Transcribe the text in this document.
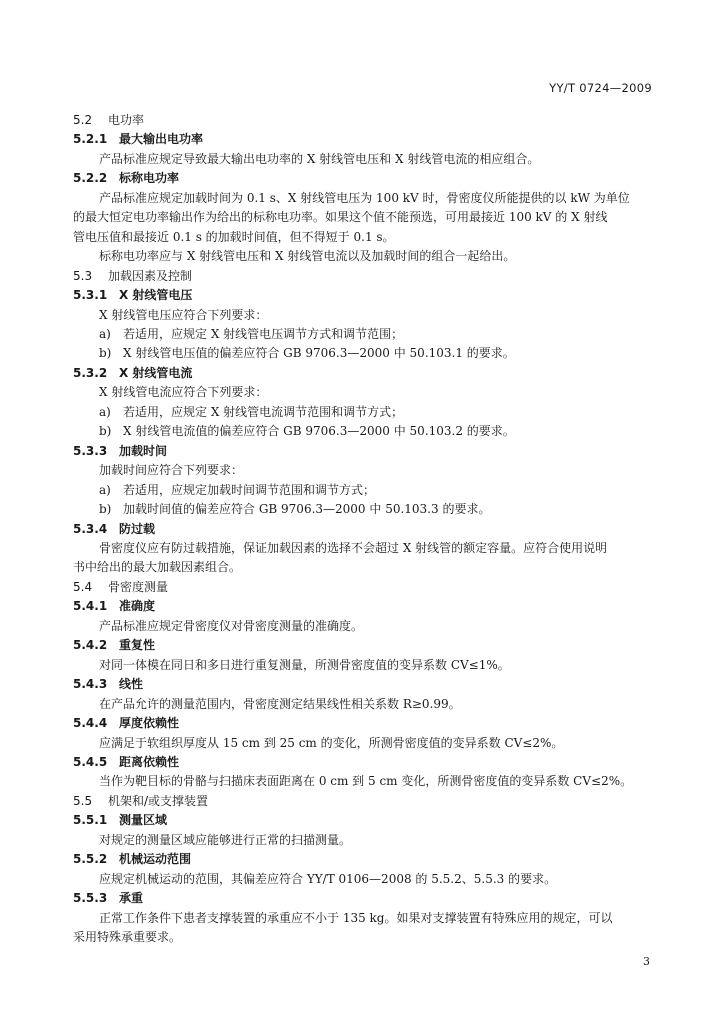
YY/T 0724—2009
5.2 电功率
5.2.1 最大输出电功率
产品标准应规定导致最大输出电功率的 X 射线管电压和 X 射线管电流的相应组合。
5.2.2 标称电功率
产品标准应规定加载时间为 0.1 s、X 射线管电压为 100 kV 时，骨密度仪所能提供的以 kW 为单位
的最大恒定电功率输出作为给出的标称电功率。如果这个值不能预选，可用最接近 100 kV 的 X 射线
管电压值和最接近 0.1 s 的加载时间值，但不得短于 0.1 s。
标称电功率应与 X 射线管电压和 X 射线管电流以及加载时间的组合一起给出。
5.3 加载因素及控制
5.3.1 X 射线管电压
X 射线管电压应符合下列要求：
a) 若适用，应规定 X 射线管电压调节方式和调节范围；
b) X 射线管电压值的偏差应符合 GB 9706.3—2000 中 50.103.1 的要求。
5.3.2 X 射线管电流
X 射线管电流应符合下列要求：
a) 若适用，应规定 X 射线管电流调节范围和调节方式；
b) X 射线管电流值的偏差应符合 GB 9706.3—2000 中 50.103.2 的要求。
5.3.3 加载时间
加载时间应符合下列要求：
a) 若适用，应规定加载时间调节范围和调节方式；
b) 加载时间值的偏差应符合 GB 9706.3—2000 中 50.103.3 的要求。
5.3.4 防过载
骨密度仪应有防过载措施，保证加载因素的选择不会超过 X 射线管的额定容量。应符合使用说明
书中给出的最大加载因素组合。
5.4 骨密度测量
5.4.1 准确度
产品标准应规定骨密度仪对骨密度测量的准确度。
5.4.2 重复性
对同一体模在同日和多日进行重复测量，所测骨密度值的变异系数 CV≤1%。
5.4.3 线性
在产品允许的测量范围内，骨密度测定结果线性相关系数 R≥0.99。
5.4.4 厚度依赖性
应满足于软组织厚度从 15 cm 到 25 cm 的变化，所测骨密度值的变异系数 CV≤2%。
5.4.5 距离依赖性
当作为靶目标的骨骼与扫描床表面距离在 0 cm 到 5 cm 变化，所测骨密度值的变异系数 CV≤2%。
5.5 机架和/或支撑装置
5.5.1 测量区域
对规定的测量区域应能够进行正常的扫描测量。
5.5.2 机械运动范围
应规定机械运动的范围，其偏差应符合 YY/T 0106—2008 的 5.5.2、5.5.3 的要求。
5.5.3 承重
正常工作条件下患者支撑装置的承重应不小于 135 kg。如果对支撑装置有特殊应用的规定，可以
采用特殊承重要求。
3
